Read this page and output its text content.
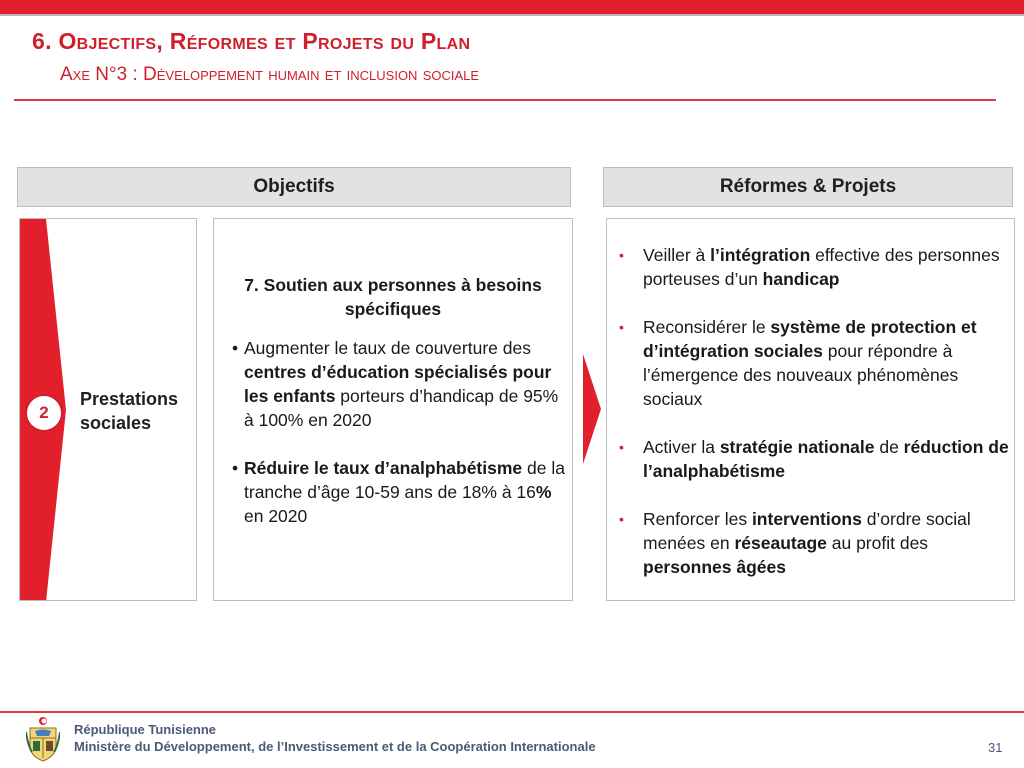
6. Objectifs, Réformes et Projets du Plan
Axe N°3 : Développement humain et inclusion sociale
Objectifs	Réformes & Projets
2
Prestations
sociales
7. Soutien aux personnes à besoins
spécifiques
• Augmenter le taux de couverture des centres d’éducation spécialisés pour les enfants porteurs d’handicap de 95% à 100% en 2020
• Réduire le taux d’analphabétisme de la tranche d’âge 10-59 ans de 18% à 16% en 2020
• Veiller à l’intégration effective des personnes porteuses d’un handicap
• Reconsidérer le système de protection et d’intégration sociales pour répondre à l’émergence des nouveaux phénomènes sociaux
• Activer la stratégie nationale de réduction de l’analphabétisme
• Renforcer les interventions d’ordre social menées en réseautage au profit des personnes âgées
République Tunisienne
Ministère du Développement, de l’Investissement et de la Coopération Internationale	31
